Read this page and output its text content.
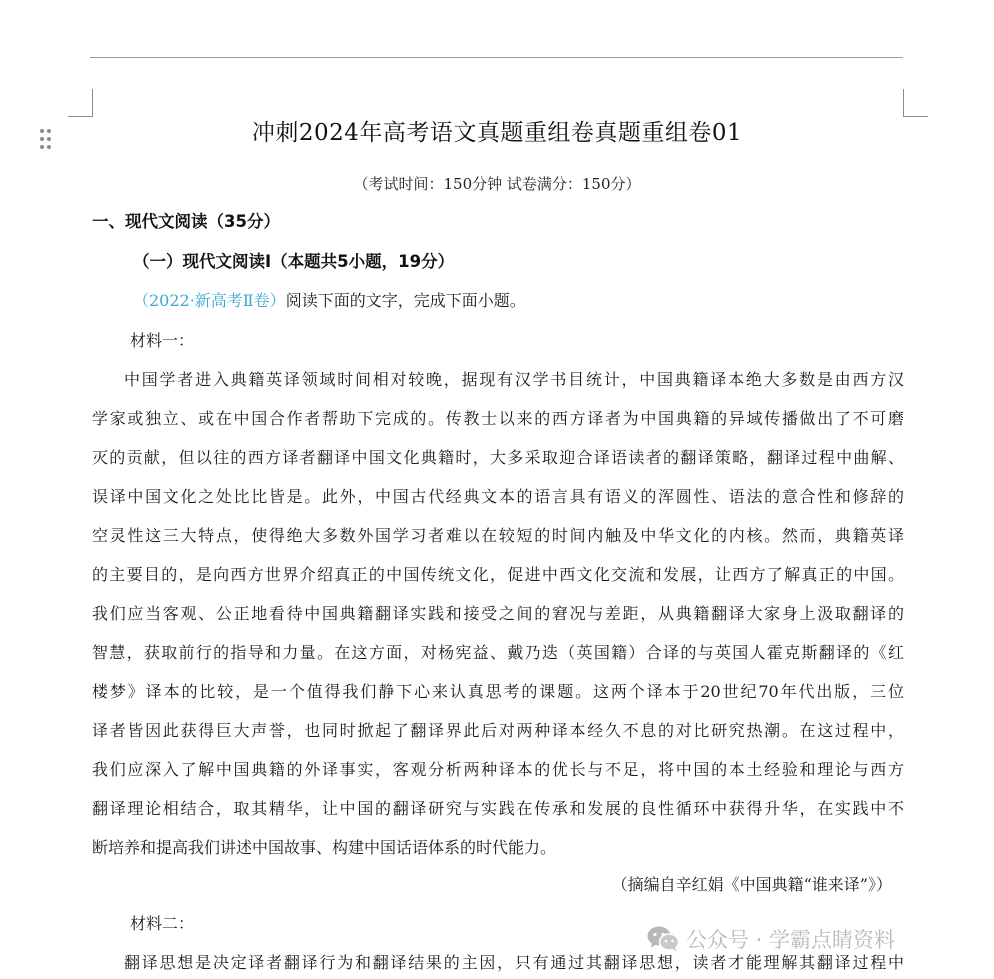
冲刺2024年高考语文真题重组卷真题重组卷01
（考试时间：150分钟 试卷满分：150分）
一、现代文阅读（35分）
（一）现代文阅读I（本题共5小题，19分）
（2022·新高考Ⅱ卷）阅读下面的文字，完成下面小题。
材料一：
中国学者进入典籍英译领域时间相对较晚，据现有汉学书目统计，中国典籍译本绝大多数是由西方汉
学家或独立、或在中国合作者帮助下完成的。传教士以来的西方译者为中国典籍的异域传播做出了不可磨
灭的贡献，但以往的西方译者翻译中国文化典籍时，大多采取迎合译语读者的翻译策略，翻译过程中曲解、
误译中国文化之处比比皆是。此外，中国古代经典文本的语言具有语义的浑圆性、语法的意合性和修辞的
空灵性这三大特点，使得绝大多数外国学习者难以在较短的时间内触及中华文化的内核。然而，典籍英译
的主要目的，是向西方世界介绍真正的中国传统文化，促进中西文化交流和发展，让西方了解真正的中国。
我们应当客观、公正地看待中国典籍翻译实践和接受之间的窘况与差距，从典籍翻译大家身上汲取翻译的
智慧，获取前行的指导和力量。在这方面，对杨宪益、戴乃迭（英国籍）合译的与英国人霍克斯翻译的《红
楼梦》译本的比较，是一个值得我们静下心来认真思考的课题。这两个译本于20世纪70年代出版，三位
译者皆因此获得巨大声誉，也同时掀起了翻译界此后对两种译本经久不息的对比研究热潮。在这过程中，
我们应深入了解中国典籍的外译事实，客观分析两种译本的优长与不足，将中国的本土经验和理论与西方
翻译理论相结合，取其精华，让中国的翻译研究与实践在传承和发展的良性循环中获得升华，在实践中不
断培养和提高我们讲述中国故事、构建中国话语体系的时代能力。
（摘编自辛红娟《中国典籍“谁来译”》）
材料二：
翻译思想是决定译者翻译行为和翻译结果的主因，只有通过其翻译思想，读者才能理解其翻译过程中
公众号 · 学霸点睛资料
